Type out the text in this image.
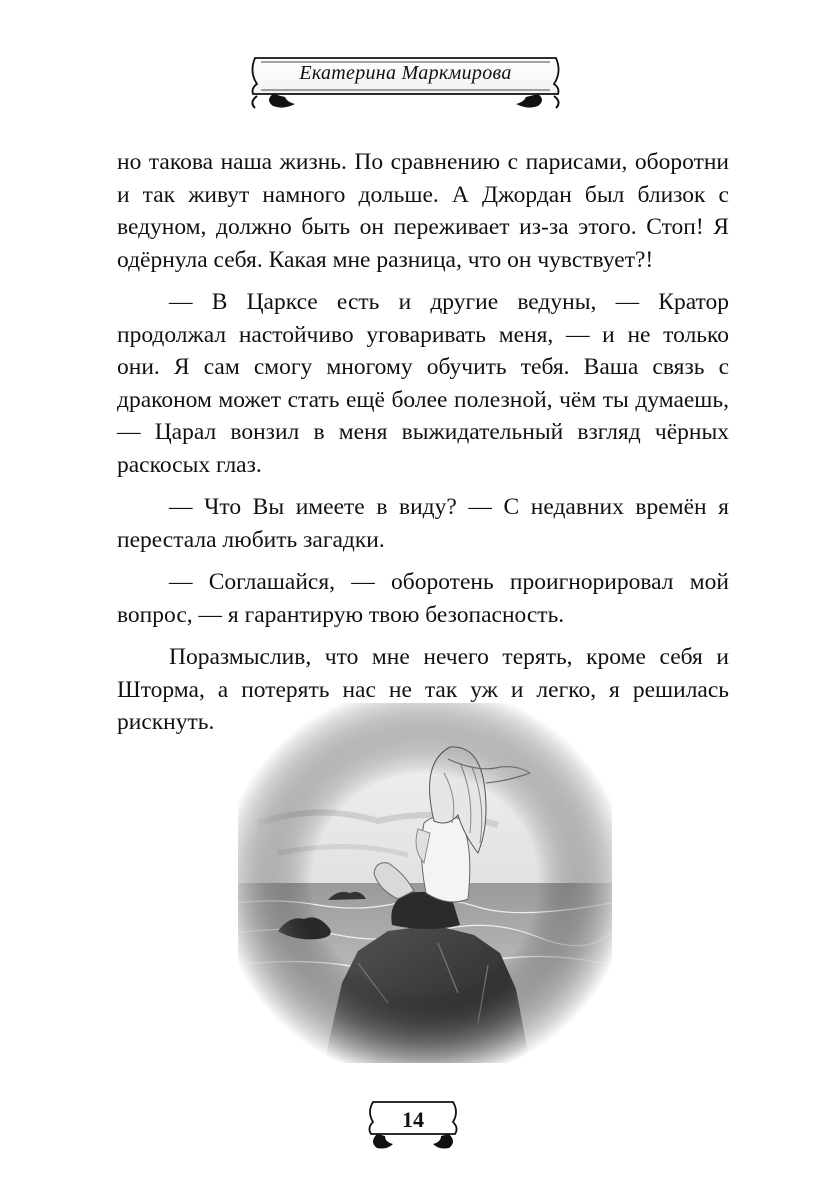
Екатерина Маркмирова

но такова наша жизнь. По сравнению с парисами, оборотни и так живут намного дольше. А Джордан был близок с ведуном, должно быть он переживает из-за этого. Стоп! Я одёрнула себя. Какая мне разница, что он чувствует?!

— В Царксе есть и другие ведуны, — Кратор продолжал настойчиво уговаривать меня, — и не только они. Я сам смогу многому обучить тебя. Ваша связь с драконом может стать ещё более полезной, чём ты думаешь, — Царал вонзил в меня выжидательный взгляд чёрных раскосых глаз.

— Что Вы имеете в виду? — С недавних времён я перестала любить загадки.

— Соглашайся, — оборотень проигнорировал мой вопрос, — я гарантирую твою безопасность.

Поразмыслив, что мне нечего терять, кроме себя и Шторма, а потерять нас не так уж и легко, я решилась рискнуть.

14
